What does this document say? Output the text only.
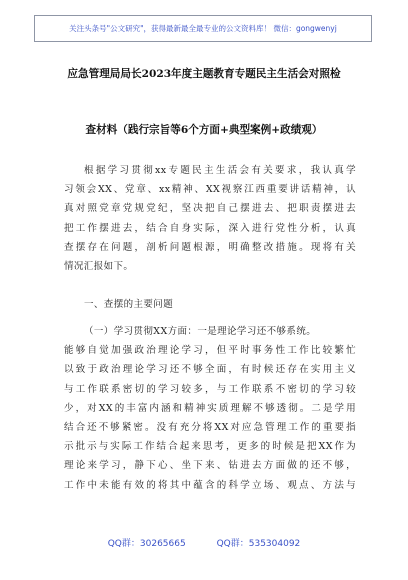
关注头条号"公文研究"，获得最新最全最专业的公文资料库！ 微信：gongwenyj
应急管理局局长2023年度主题教育专题民主生活会对照检
查材料（践行宗旨等6个方面+典型案例+政绩观）
根据学习贯彻xx专题民主生活会有关要求，我认真学
习领会XX、党章、xx精神、XX视察江西重要讲话精神，认
真对照党章党规党纪，坚决把自己摆进去、把职责摆进去
把工作摆进去，结合自身实际，深入进行党性分析，认真
查摆存在问题，剖析问题根源，明确整改措施。现将有关
情况汇报如下。
一、查摆的主要问题
（一）学习贯彻XX方面：一是理论学习还不够系统。
能够自觉加强政治理论学习，但平时事务性工作比较繁忙
以致于政治理论学习还不够全面，有时候还存在实用主义
与工作联系密切的学习较多，与工作联系不密切的学习较
少，对XX的丰富内涵和精神实质理解不够透彻。二是学用
结合还不够紧密。没有充分将XX对应急管理工作的重要指
示批示与实际工作结合起来思考，更多的时候是把XX作为
理论来学习，静下心、坐下来、钻进去方面做的还不够，
工作中未能有效的将其中蕴含的科学立场、观点、方法与
QQ群：30265665	QQ群：535304092
